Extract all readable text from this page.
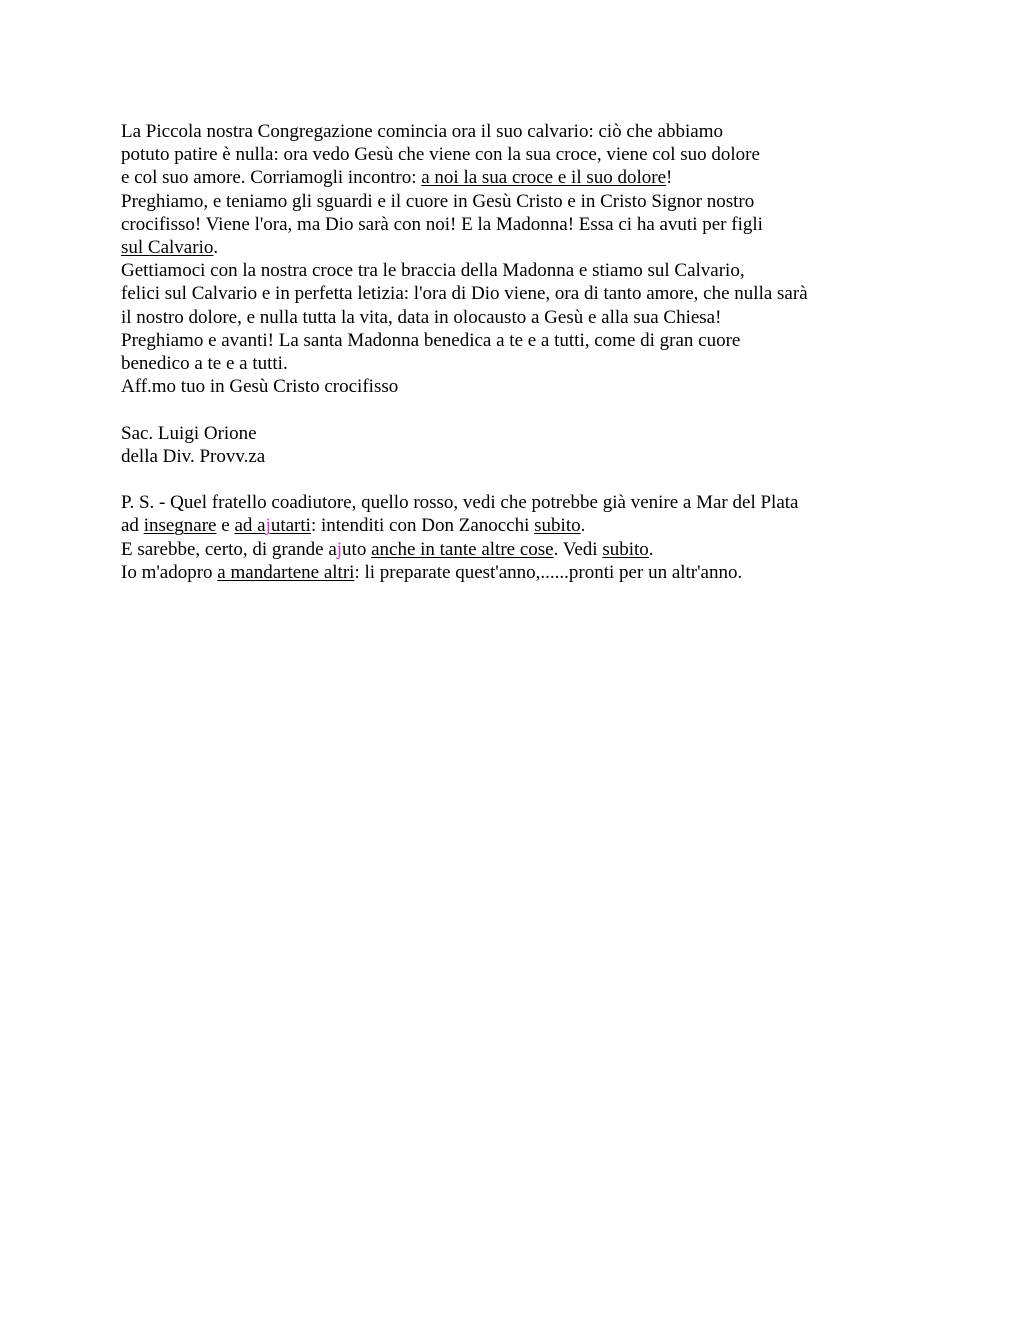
La Piccola nostra Congregazione comincia ora il suo calvario: ciò che abbiamo
potuto patire è nulla: ora vedo Gesù che viene con la sua croce, viene col suo dolore
e col suo amore. Corriamogli incontro: a noi la sua croce e il suo dolore!
Preghiamo, e teniamo gli sguardi e il cuore in Gesù Cristo e in Cristo Signor nostro
crocifisso! Viene l'ora, ma Dio sarà con noi! E la Madonna! Essa ci ha avuti per figli
sul Calvario.
Gettiamoci con la nostra croce tra le braccia della Madonna e stiamo sul Calvario,
felici sul Calvario e in perfetta letizia: l'ora di Dio viene, ora di tanto amore, che nulla sarà
il nostro dolore, e nulla tutta la vita, data in olocausto a Gesù e alla sua Chiesa!
Preghiamo e avanti! La santa Madonna benedica a te e a tutti, come di gran cuore
benedico a te e a tutti.
Aff.mo tuo in Gesù Cristo crocifisso
Sac. Luigi Orione
della Div. Provv.za
P. S. - Quel fratello coadiutore, quello rosso, vedi che potrebbe già venire a Mar del Plata
ad insegnare e ad ajutarti: intenditi con Don Zanocchi subito.
E sarebbe, certo, di grande ajuto anche in tante altre cose. Vedi subito.
Io m'adopro a mandartene altri: li preparate quest'anno,......pronti per un altr'anno.
